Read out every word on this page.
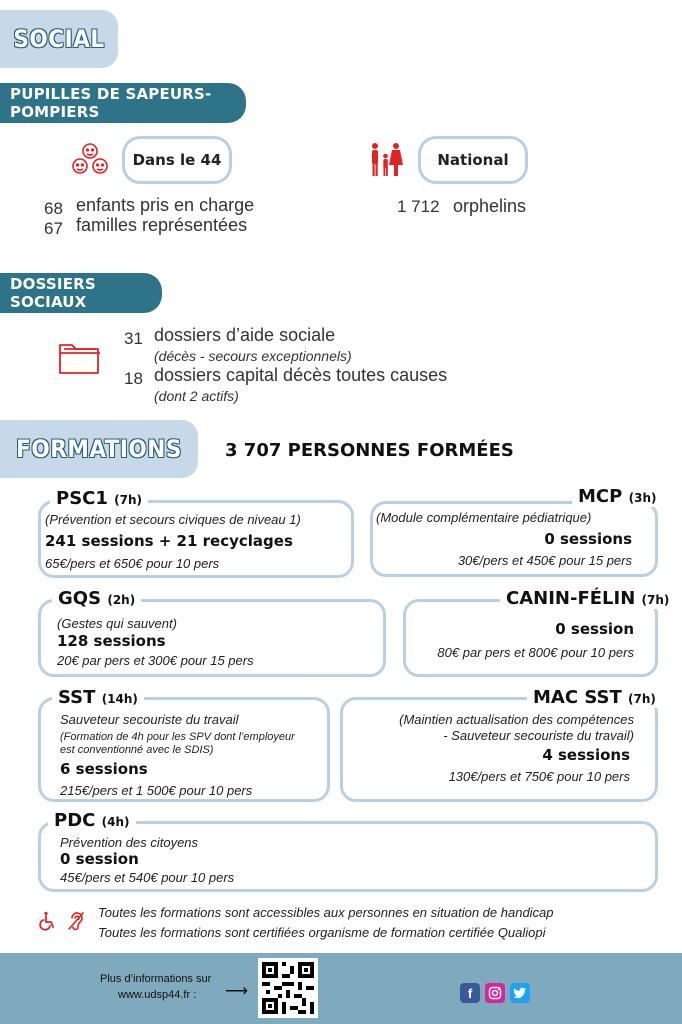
SOCIAL
PUPILLES DE SAPEURS-POMPIERS
Dans le 44	National
68 enfants pris en charge
67 familles représentées
1 712 orphelins
DOSSIERS SOCIAUX
31 dossiers d’aide sociale
(décès - secours exceptionnels)
18 dossiers capital décès toutes causes
(dont 2 actifs)
FORMATIONS 3 707 PERSONNES FORMÉES
PSC1 (7h)
(Prévention et secours civiques de niveau 1)
241 sessions + 21 recyclages
65€/pers et 650€ pour 10 pers
MCP (3h)
(Module complémentaire pédiatrique)
0 sessions
30€/pers et 450€ pour 15 pers
GQS (2h)
(Gestes qui sauvent)
128 sessions
20€ par pers et 300€ pour 15 pers
CANIN-FÉLIN (7h)
0 session
80€ par pers et 800€ pour 10 pers
SST (14h)
Sauveteur secouriste du travail
(Formation de 4h pour les SPV dont l’employeur
est conventionné avec le SDIS)
6 sessions
215€/pers et 1 500€ pour 10 pers
MAC SST (7h)
(Maintien actualisation des compétences
- Sauveteur secouriste du travail)
4 sessions
130€/pers et 750€ pour 10 pers
PDC (4h)
Prévention des citoyens
0 session
45€/pers et 540€ pour 10 pers
Toutes les formations sont accessibles aux personnes en situation de handicap
Toutes les formations sont certifiées organisme de formation certifiée Qualiopi
Plus d’informations sur
www.udsp44.fr : ⟶	f
